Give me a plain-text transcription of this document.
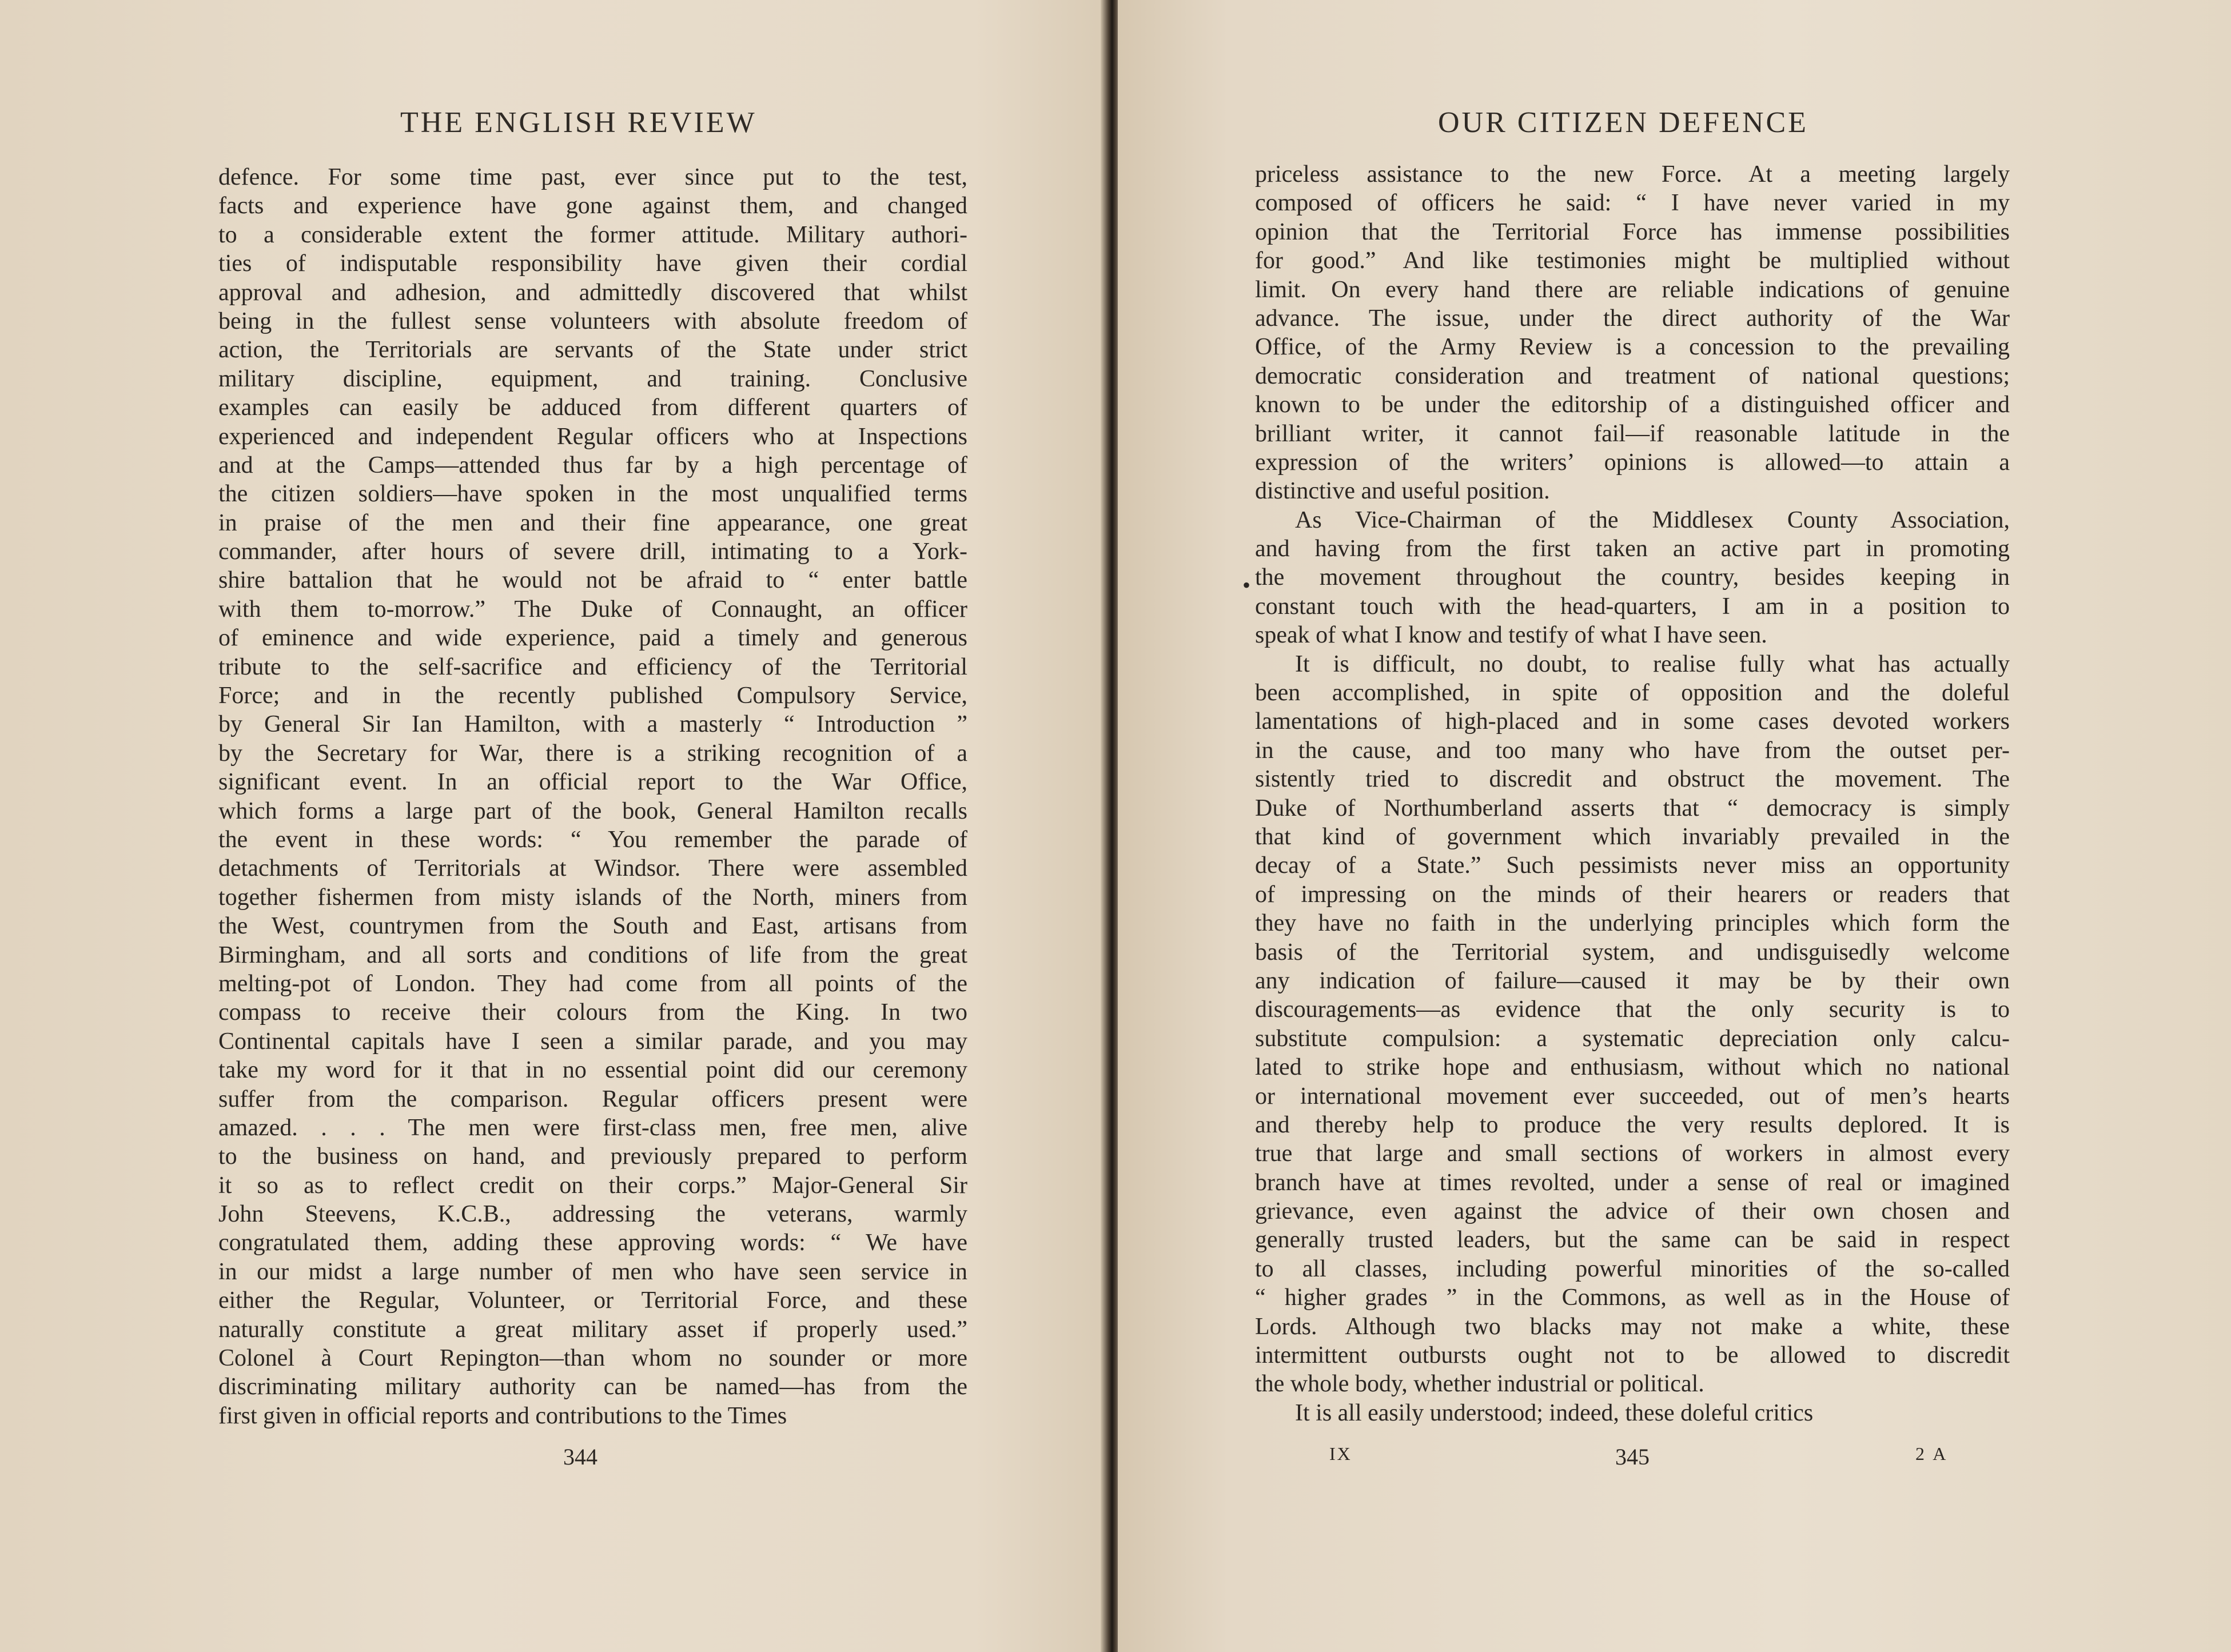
THE ENGLISH REVIEW
defence. For some time past, ever since put to the test,
facts and experience have gone against them, and changed
to a considerable extent the former attitude. Military authori-
ties of indisputable responsibility have given their cordial
approval and adhesion, and admittedly discovered that whilst
being in the fullest sense volunteers with absolute freedom of
action, the Territorials are servants of the State under strict
military discipline, equipment, and training. Conclusive
examples can easily be adduced from different quarters of
experienced and independent Regular officers who at Inspections
and at the Camps—attended thus far by a high percentage of
the citizen soldiers—have spoken in the most unqualified terms
in praise of the men and their fine appearance, one great
commander, after hours of severe drill, intimating to a York-
shire battalion that he would not be afraid to “ enter battle
with them to-morrow.” The Duke of Connaught, an officer
of eminence and wide experience, paid a timely and generous
tribute to the self-sacrifice and efficiency of the Territorial
Force; and in the recently published Compulsory Service,
by General Sir Ian Hamilton, with a masterly “ Introduction ”
by the Secretary for War, there is a striking recognition of a
significant event. In an official report to the War Office,
which forms a large part of the book, General Hamilton recalls
the event in these words: “ You remember the parade of
detachments of Territorials at Windsor. There were assembled
together fishermen from misty islands of the North, miners from
the West, countrymen from the South and East, artisans from
Birmingham, and all sorts and conditions of life from the great
melting-pot of London. They had come from all points of the
compass to receive their colours from the King. In two
Continental capitals have I seen a similar parade, and you may
take my word for it that in no essential point did our ceremony
suffer from the comparison. Regular officers present were
amazed. . . . The men were first-class men, free men, alive
to the business on hand, and previously prepared to perform
it so as to reflect credit on their corps.” Major-General Sir
John Steevens, K.C.B., addressing the veterans, warmly
congratulated them, adding these approving words: “ We have
in our midst a large number of men who have seen service in
either the Regular, Volunteer, or Territorial Force, and these
naturally constitute a great military asset if properly used.”
Colonel à Court Repington—than whom no sounder or more
discriminating military authority can be named—has from the
first given in official reports and contributions to the Times
344
OUR CITIZEN DEFENCE
•
priceless assistance to the new Force. At a meeting largely
composed of officers he said: “ I have never varied in my
opinion that the Territorial Force has immense possibilities
for good.” And like testimonies might be multiplied without
limit. On every hand there are reliable indications of genuine
advance. The issue, under the direct authority of the War
Office, of the Army Review is a concession to the prevailing
democratic consideration and treatment of national questions;
known to be under the editorship of a distinguished officer and
brilliant writer, it cannot fail—if reasonable latitude in the
expression of the writers’ opinions is allowed—to attain a
distinctive and useful position.
As Vice-Chairman of the Middlesex County Association,
and having from the first taken an active part in promoting
the movement throughout the country, besides keeping in
constant touch with the head-quarters, I am in a position to
speak of what I know and testify of what I have seen.
It is difficult, no doubt, to realise fully what has actually
been accomplished, in spite of opposition and the doleful
lamentations of high-placed and in some cases devoted workers
in the cause, and too many who have from the outset per-
sistently tried to discredit and obstruct the movement. The
Duke of Northumberland asserts that “ democracy is simply
that kind of government which invariably prevailed in the
decay of a State.” Such pessimists never miss an opportunity
of impressing on the minds of their hearers or readers that
they have no faith in the underlying principles which form the
basis of the Territorial system, and undisguisedly welcome
any indication of failure—caused it may be by their own
discouragements—as evidence that the only security is to
substitute compulsion: a systematic depreciation only calcu-
lated to strike hope and enthusiasm, without which no national
or international movement ever succeeded, out of men’s hearts
and thereby help to produce the very results deplored. It is
true that large and small sections of workers in almost every
branch have at times revolted, under a sense of real or imagined
grievance, even against the advice of their own chosen and
generally trusted leaders, but the same can be said in respect
to all classes, including powerful minorities of the so-called
“ higher grades ” in the Commons, as well as in the House of
Lords. Although two blacks may not make a white, these
intermittent outbursts ought not to be allowed to discredit
the whole body, whether industrial or political.
It is all easily understood; indeed, these doleful critics
IX	345	2 A
